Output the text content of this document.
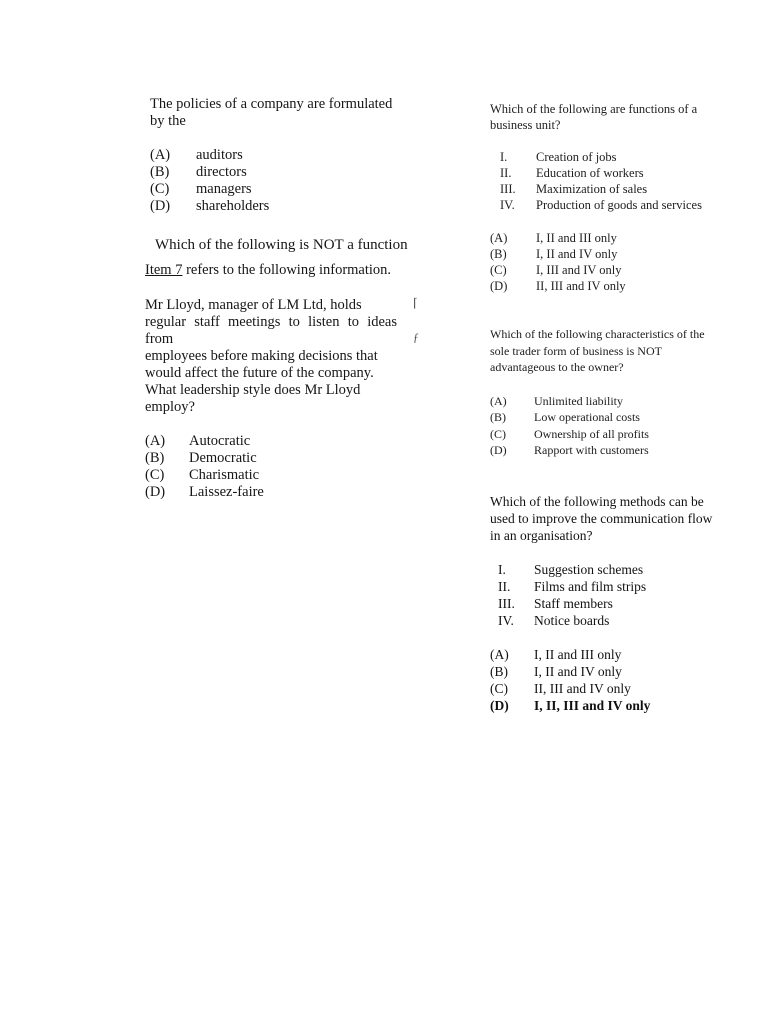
The policies of a company are formulated

by the

(A)	auditors
(B)	directors
(C)	managers
(D)	shareholders
Which of the following is NOT a function
Item 7 refers to the following information.

Mr Lloyd, manager of LM Ltd, holds

regular staff meetings to listen to ideas from

employees before making decisions that

would affect the future of the company.

What leadership style does Mr Lloyd

employ?

(A)	Autocratic
(B)	Democratic
(C)	Charismatic
(D)	Laissez-faire

Which of the following are functions of a

business unit?

I.	Creation of jobs
II.	Education of workers
III.	Maximization of sales
IV.	Production of goods and services
(A)	I, II and III only
(B)	I, II and IV only
(C)	I, III and IV only
(D)	II, III and IV only

Which of the following characteristics of the

sole trader form of business is NOT

advantageous to the owner?

(A)	Unlimited liability
(B)	Low operational costs
(C)	Ownership of all profits
(D)	Rapport with customers

Which of the following methods can be

used to improve the communication flow

in an organisation?

I.	Suggestion schemes
II.	Films and film strips
III.	Staff members
IV.	Notice boards
(A)	I, II and III only
(B)	I, II and IV only
(C)	II, III and IV only
(D)	I, II, III and IV only
⌈
ƒ
